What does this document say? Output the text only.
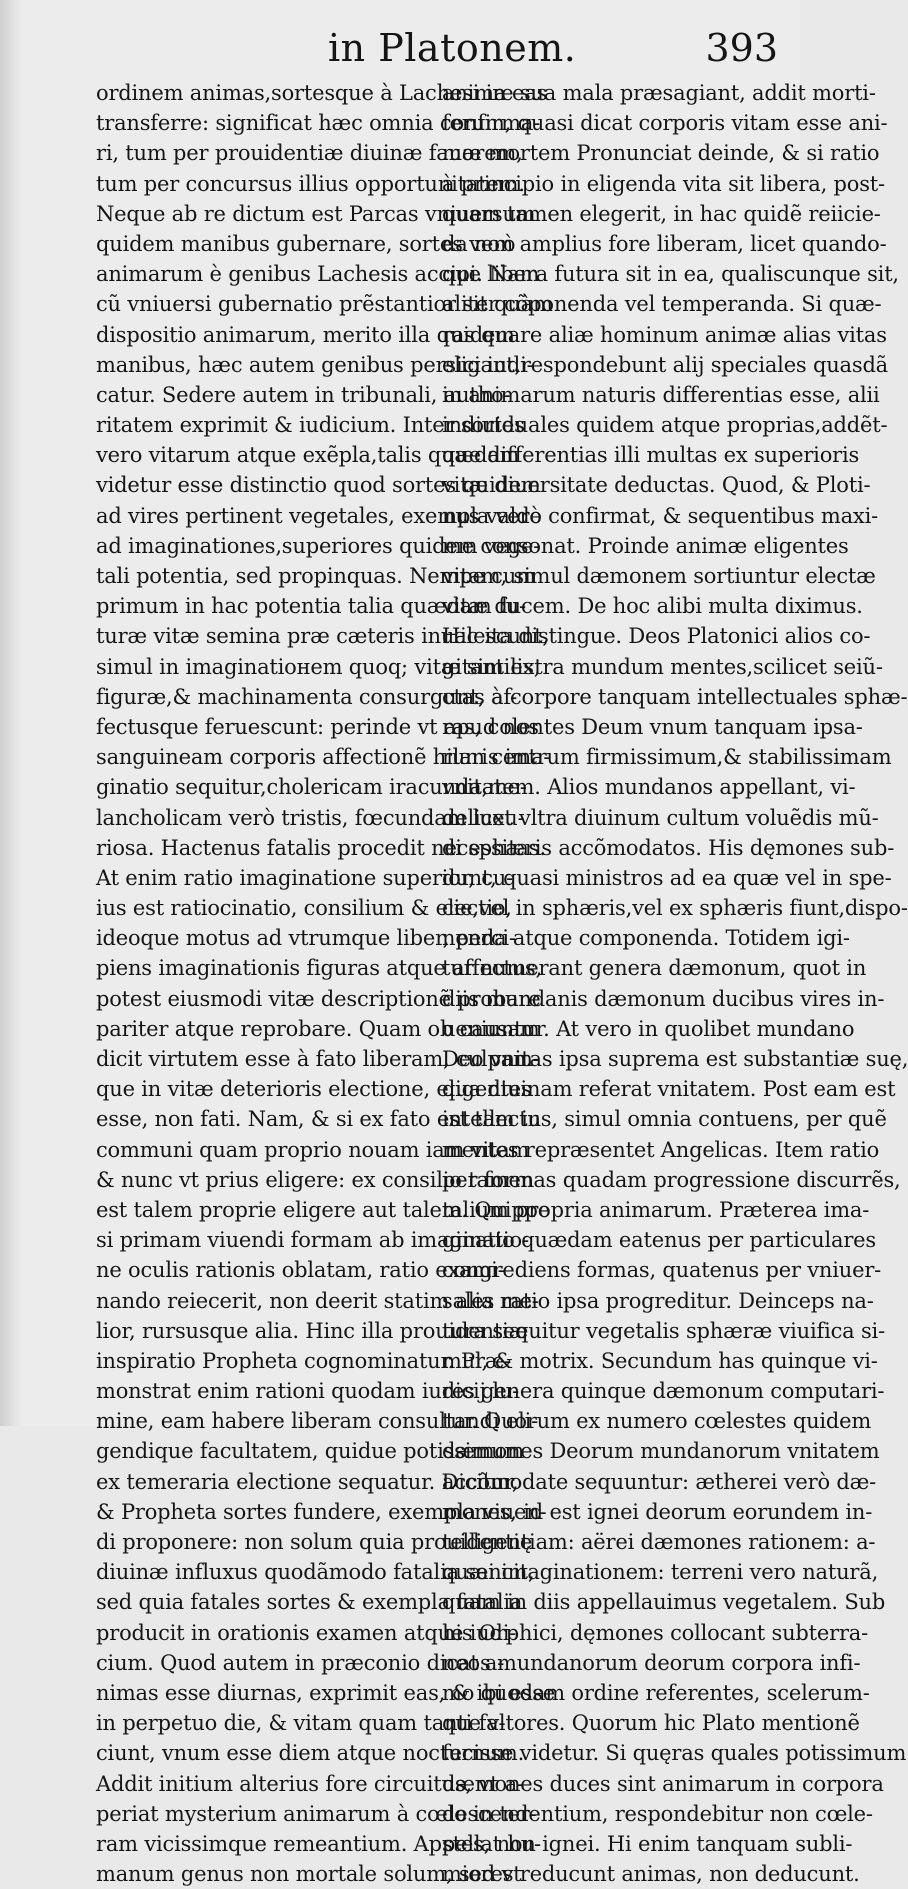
in Platonem.	393
ordinem animas,sortesque à Lachesi in eas
transferre: significat hæc omnia confirma-
ri, tum per prouidentiæ diuinæ fauorem,
tum per concursus illius opportunitatem.
Neque ab re dictum est Parcas vniuersum
quidem manibus gubernare, sortes verò
animarum è genibus Lachesis accipi. Nam
cũ vniuersi gubernatio prẽstantior sit quàm
dispositio animarum, merito illa quidem
manibus, hæc autem genibus persici iudi-
catur. Sedere autem in tribunali, autho-
ritatem exprimit & iudicium. Inter sortes
vero vitarum atque exẽpla,talis quædam
videtur esse distinctio quod sortes quidem
ad vires pertinent vegetales, exempla verò
ad imaginationes,superiores quidem vege-
tali potentia, sed propinquas. Nempe cum
primum in hac potentia talia quædam fu-
turæ vitæ semina præ cæteris inualescunt,
simul in imaginatioнem quoq; vitæ similis,
figuræ,& machinamenta consurgunt, af-
fectusque feruescunt: perinde vt apud nos
sanguineam corporis affectionẽ hilaris ima-
ginatio sequitur,cholericam iracunda,me-
lancholicam verò tristis, fœcundam luxu-
riosa. Hactenus fatalis procedit necessitas.
At enim ratio imaginatione superior, cu-
ius est ratiocinatio, consilium & electio,
ideoque motus ad vtrumque liber, perci-
piens imaginationis figuras atque affectus,
potest eiusmodi vitæ descriptionẽ probare
pariter atque reprobare. Quam ob causam
dicit virtutem esse à fato liberam, culpam-
que in vitæ deterioris electione, eligentes
esse, non fati. Nam, & si ex fato est tam in
communi quam proprio nouam iam vitam
& nunc vt prius eligere: ex consilio tamen
est talem proprie eligere aut talem. Quippe
si primam viuendi formam ab imaginatio-
ne oculis rationis oblatam, ratio exami-
nando reiecerit, non deerit statim alia me-
lior, rursusque alia. Hinc illa prouidentiæ
inspiratio Propheta cognominatur. Præ-
monstrat enim rationi quodam iudicij lu-
mine, eam habere liberam consultandi eli-
gendique facultatem, quidue potissimum
ex temeraria electione sequatur. Dicitur,
& Propheta sortes fundere, exempla viuen-
di proponere: non solum quia prouidentię
diuinæ influxus quodãmodo fatalia sancit,
sed quia fatales sortes & exempla fatalia
producit in orationis examen atque iudi-
cium. Quod autem in præconio dicat a-
nimas esse diurnas, exprimit eas, & ibi esse
in perpetuo die, & vitam quam tanti fa-
ciunt, vnum esse diem atque nocturnum.
Addit initium alterius fore circuitus, vt a-
periat mysterium animarum à cœlo in ter-
ram vicissimque remeantium. Appellat hu-
manum genus non mortale solum, sed vt
animæ sua mala præsagiant, addit morti-
ferum, quasi dicat corporis vitam esse ani-
mæ mortem Pronunciat deinde, & si ratio
à principio in eligenda vita sit libera, post-
quam tamen elegerit, in hac quidẽ reiicie-
da non amplius fore liberam, licet quando-
que libera futura sit in ea, qualiscunque sit,
aliter cõponenda vel temperanda. Si quæ-
ras quare aliæ hominum animæ alias vitas
eligant,respondebunt alij speciales quasdã
in animarum naturis differentias esse, alii
indiuiduales quidem atque proprias,addẽt-
que differentias illi multas ex superioris
vitæ diuersitate deductas. Quod, & Ploti-
nus valde confirmat, & sequentibus maxi-
me consonat. Proinde animæ eligentes
vitam, simul dæmonem sortiuntur electæ
vitæ ducem. De hoc alibi multa diximus.
Hic ita distingue. Deos Platonici alios co-
gitant extra mundum mentes,scilicet seiũ-
ctas à corpore tanquam intellectuales sphæ-
ras, colentes Deum vnum tanquam ipsa-
rum centrum firmissimum,& stabilissimam
vnitatem. Alios mundanos appellant, vi-
delicet vltra diuinum cultum voluẽdis mũ-
di sphæris accõmodatos. His dęmones sub-
dunt, quasi ministros ad ea quæ vel in spe-
cie,vel in sphæris,vel ex sphæris fiunt,dispo-
nenda atque componenda. Totidem igi-
tur numerant genera dæmonum, quot in
diis mundanis dæmonum ducibus vires in-
ueniuntur. At vero in quolibet mundano
Deo vnitas ipsa suprema est substantiæ suę,
qua diuinam referat vnitatem. Post eam est
intellectus, simul omnia contuens, per quẽ
mentes repræsentet Angelicas. Item ratio
per formas quadam progressione discurrẽs,
talium propria animarum. Præterea ima-
ginatio quædam eatenus per particulares
congrediens formas, quatenus per vniuer-
sales ratio ipsa progreditur. Deinceps na-
tura sequitur vegetalis sphæræ viuifica si-
mul, & motrix. Secundum has quinque vi-
res genera quinque dæmonum computari-
tur. Quorum ex numero cœlestes quidem
dæmones Deorum mundanorum vnitatem
accõmodate sequuntur: ætherei verò dæ-
mones, id est ignei deorum eorundem in-
telligentiam: aërei dæmones rationem: a-
quæi imaginationem: terreni vero naturã,
quam in diis appellauimus vegetalem. Sub
his Orphici, dęmones collocant subterra-
neos mundanorum deorum corpora infi-
mo quodam ordine referentes, scelerum-
que vltores. Quorum hic Plato mentionẽ
fecisse videtur. Si quęras quales potissimum
dæmones duces sint animarum in corpora
descendentium, respondebitur non cœle-
stes, non ignei. Hi enim tanquam subli-
miores reducunt animas, non deducunt.
